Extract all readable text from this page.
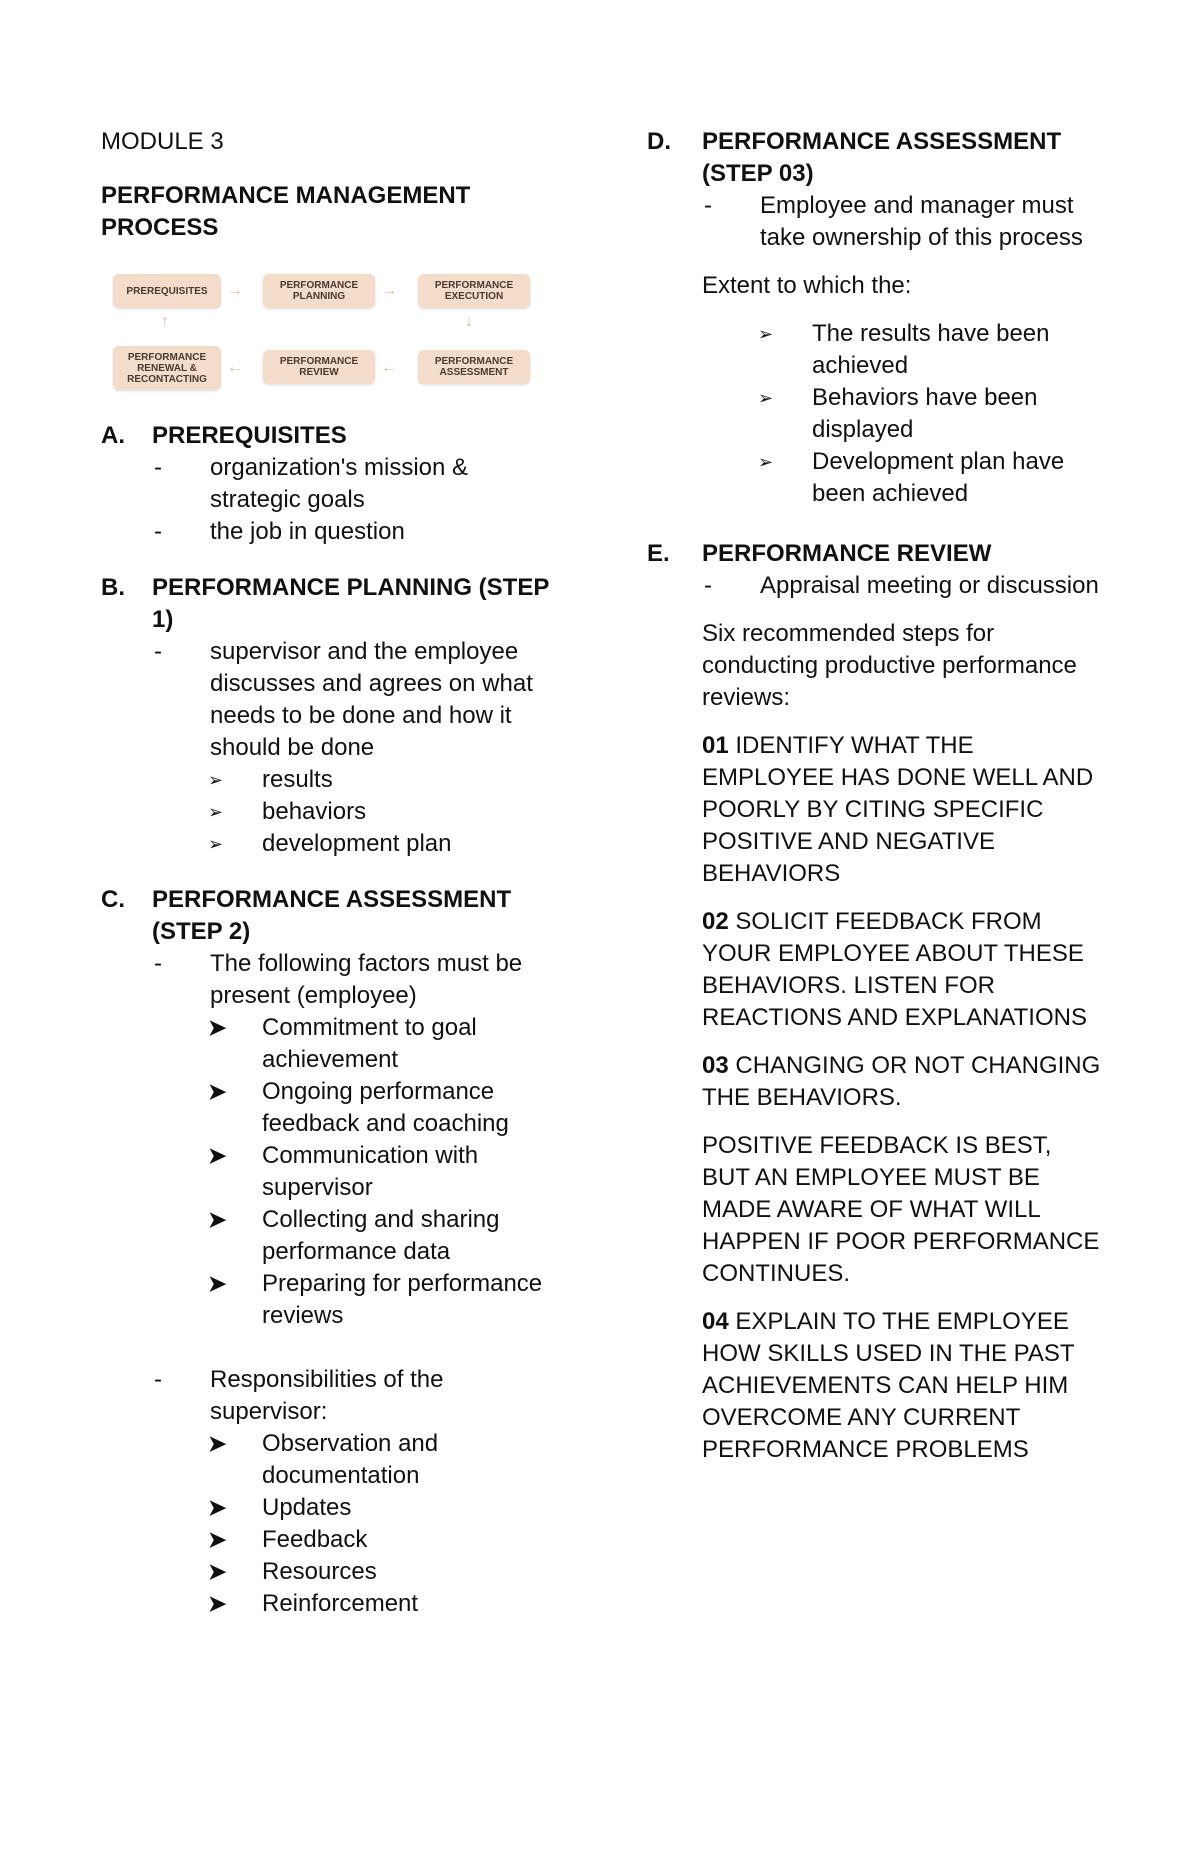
MODULE 3
PERFORMANCE MANAGEMENT PROCESS
PREREQUISITES	→	PERFORMANCE PLANNING	→	PERFORMANCE EXECUTION
↑	↓
PERFORMANCE RENEWAL & RECONTACTING
←	PERFORMANCE REVIEW	←	PERFORMANCE ASSESSMENT
A.	PREREQUISITES
-	organization's mission & strategic goals
-	the job in question
B.	PERFORMANCE PLANNING (STEP 1)
-	supervisor and the employee discusses and agrees on what needs to be done and how it should be done
➢	results
➢	behaviors
➢	development plan
C.	PERFORMANCE ASSESSMENT (STEP 2)
-	The following factors must be present (employee)
➤	Commitment to goal achievement
➤	Ongoing performance feedback and coaching
➤	Communication with supervisor
➤	Collecting and sharing performance data
➤	Preparing for performance reviews
-	Responsibilities of the supervisor:
➤	Observation and documentation
➤	Updates
➤	Feedback
➤	Resources
➤	Reinforcement
D.	PERFORMANCE ASSESSMENT (STEP 03)
-	Employee and manager must take ownership of this process
Extent to which the:
➢	The results have been achieved
➢	Behaviors have been displayed
➢	Development plan have been achieved
E.	PERFORMANCE REVIEW
-	Appraisal meeting or discussion
Six recommended steps for conducting productive performance reviews:
01 IDENTIFY WHAT THE EMPLOYEE HAS DONE WELL AND POORLY BY CITING SPECIFIC POSITIVE AND NEGATIVE BEHAVIORS
02 SOLICIT FEEDBACK FROM YOUR EMPLOYEE ABOUT THESE BEHAVIORS. LISTEN FOR REACTIONS AND EXPLANATIONS
03 CHANGING OR NOT CHANGING THE BEHAVIORS.
POSITIVE FEEDBACK IS BEST, BUT AN EMPLOYEE MUST BE MADE AWARE OF WHAT WILL HAPPEN IF POOR PERFORMANCE CONTINUES.
04 EXPLAIN TO THE EMPLOYEE HOW SKILLS USED IN THE PAST ACHIEVEMENTS CAN HELP HIM OVERCOME ANY CURRENT PERFORMANCE PROBLEMS
